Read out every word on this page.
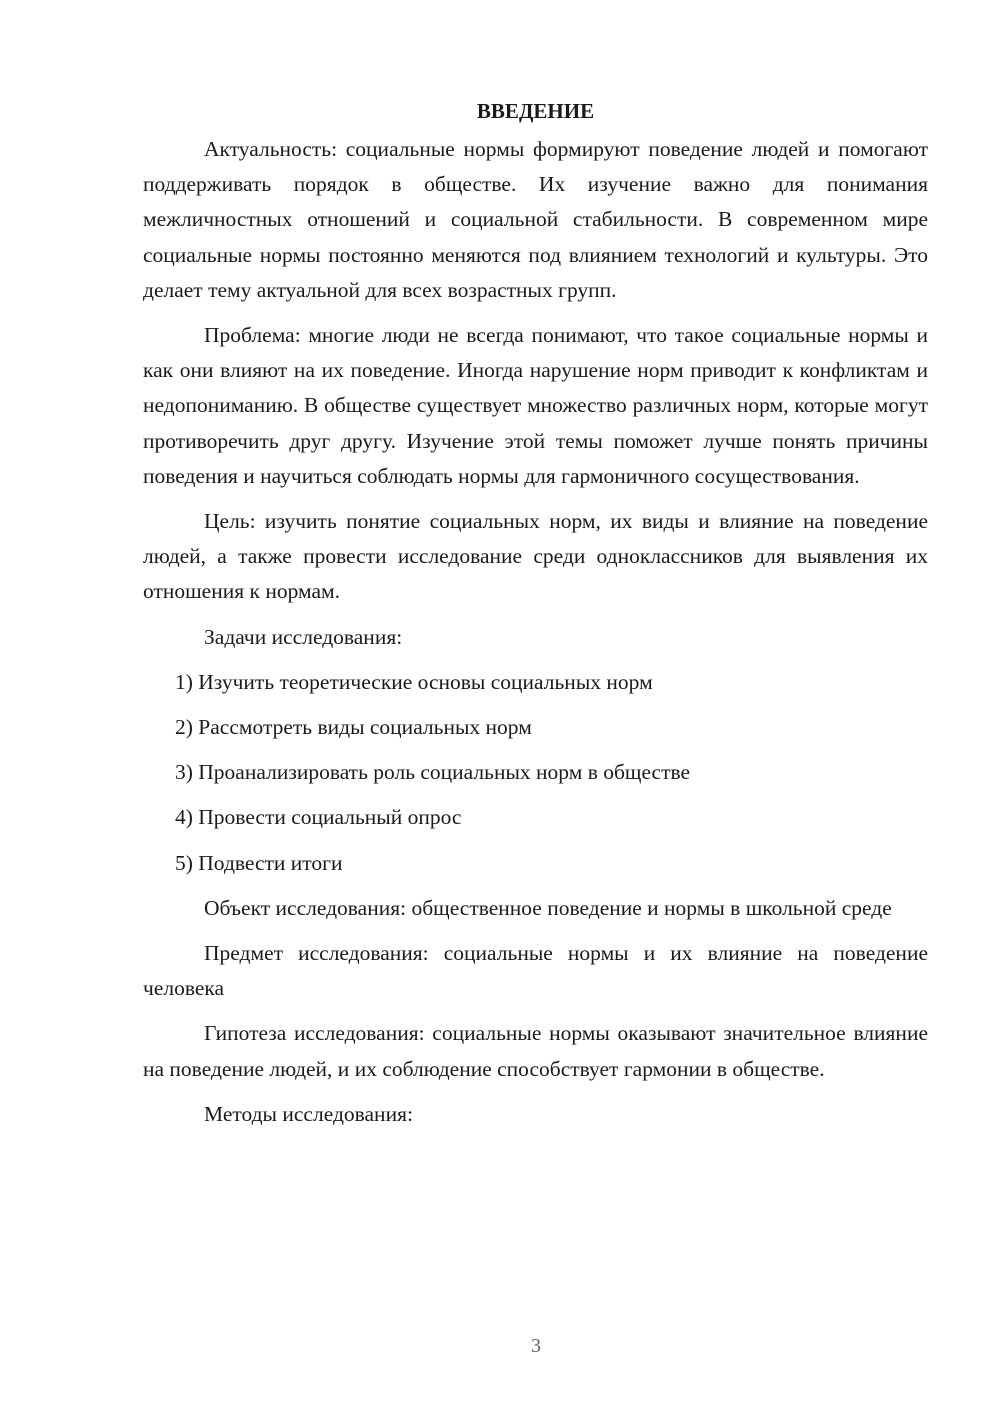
ВВЕДЕНИЕ

Актуальность: социальные нормы формируют поведение людей и помогают поддерживать порядок в обществе. Их изучение важно для понимания межличностных отношений и социальной стабильности. В современном мире социальные нормы постоянно меняются под влиянием технологий и культуры. Это делает тему актуальной для всех возрастных групп.

Проблема: многие люди не всегда понимают, что такое социальные нормы и как они влияют на их поведение. Иногда нарушение норм приводит к конфликтам и недопониманию. В обществе существует множество различных норм, которые могут противоречить друг другу. Изучение этой темы поможет лучше понять причины поведения и научиться соблюдать нормы для гармоничного сосуществования.

Цель: изучить понятие социальных норм, их виды и влияние на поведение людей, а также провести исследование среди одноклассников для выявления их отношения к нормам.

Задачи исследования:

1) Изучить теоретические основы социальных норм
2) Рассмотреть виды социальных норм
3) Проанализировать роль социальных норм в обществе
4) Провести социальный опрос
5) Подвести итоги

Объект исследования: общественное поведение и нормы в школьной среде

Предмет исследования: социальные нормы и их влияние на поведение человека

Гипотеза исследования: социальные нормы оказывают значительное влияние на поведение людей, и их соблюдение способствует гармонии в обществе.

Методы исследования:

3
